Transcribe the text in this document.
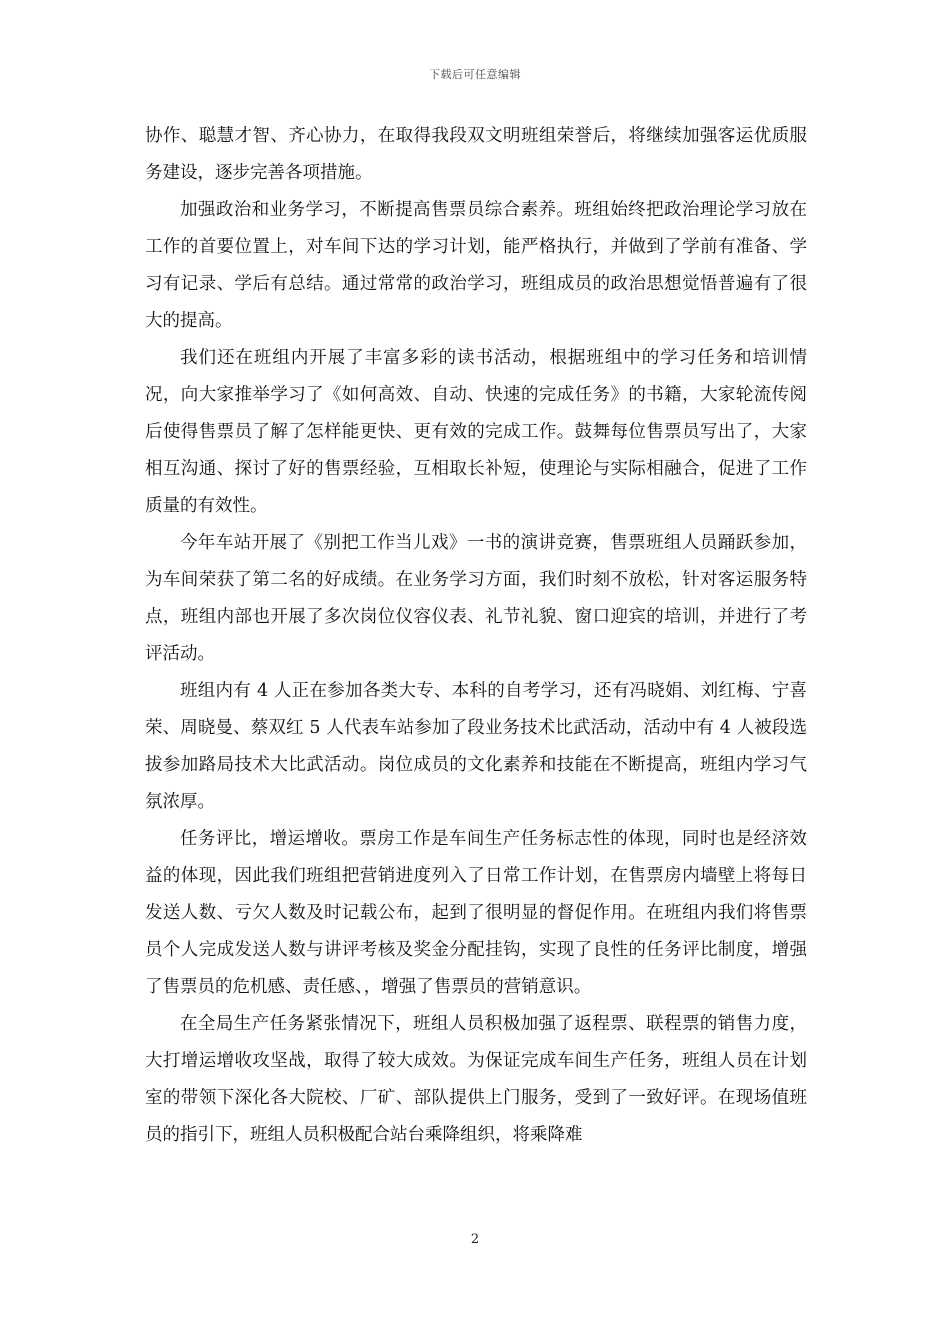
下载后可任意编辑

协作、聪慧才智、齐心协力，在取得我段双文明班组荣誉后，将继续加强客运优质服务建设，逐步完善各项措施。

加强政治和业务学习，不断提高售票员综合素养。班组始终把政治理论学习放在工作的首要位置上，对车间下达的学习计划，能严格执行，并做到了学前有准备、学习有记录、学后有总结。通过常常的政治学习，班组成员的政治思想觉悟普遍有了很大的提高。

我们还在班组内开展了丰富多彩的读书活动，根据班组中的学习任务和培训情况，向大家推举学习了《如何高效、自动、快速的完成任务》的书籍，大家轮流传阅后使得售票员了解了怎样能更快、更有效的完成工作。鼓舞每位售票员写出了，大家相互沟通、探讨了好的售票经验，互相取长补短，使理论与实际相融合，促进了工作质量的有效性。

今年车站开展了《别把工作当儿戏》一书的演讲竞赛，售票班组人员踊跃参加，为车间荣获了第二名的好成绩。在业务学习方面，我们时刻不放松，针对客运服务特点，班组内部也开展了多次岗位仪容仪表、礼节礼貌、窗口迎宾的培训，并进行了考评活动。

班组内有 4 人正在参加各类大专、本科的自考学习，还有冯晓娟、刘红梅、宁喜荣、周晓曼、蔡双红 5 人代表车站参加了段业务技术比武活动，活动中有 4 人被段选拔参加路局技术大比武活动。岗位成员的文化素养和技能在不断提高，班组内学习气氛浓厚。

任务评比，增运增收。票房工作是车间生产任务标志性的体现，同时也是经济效益的体现，因此我们班组把营销进度列入了日常工作计划，在售票房内墙壁上将每日发送人数、亏欠人数及时记载公布，起到了很明显的督促作用。在班组内我们将售票员个人完成发送人数与讲评考核及奖金分配挂钩，实现了良性的任务评比制度，增强了售票员的危机感、责任感、，增强了售票员的营销意识。

在全局生产任务紧张情况下，班组人员积极加强了返程票、联程票的销售力度，大打增运增收攻坚战，取得了较大成效。为保证完成车间生产任务，班组人员在计划室的带领下深化各大院校、厂矿、部队提供上门服务，受到了一致好评。在现场值班员的指引下，班组人员积极配合站台乘降组织，将乘降难

2
